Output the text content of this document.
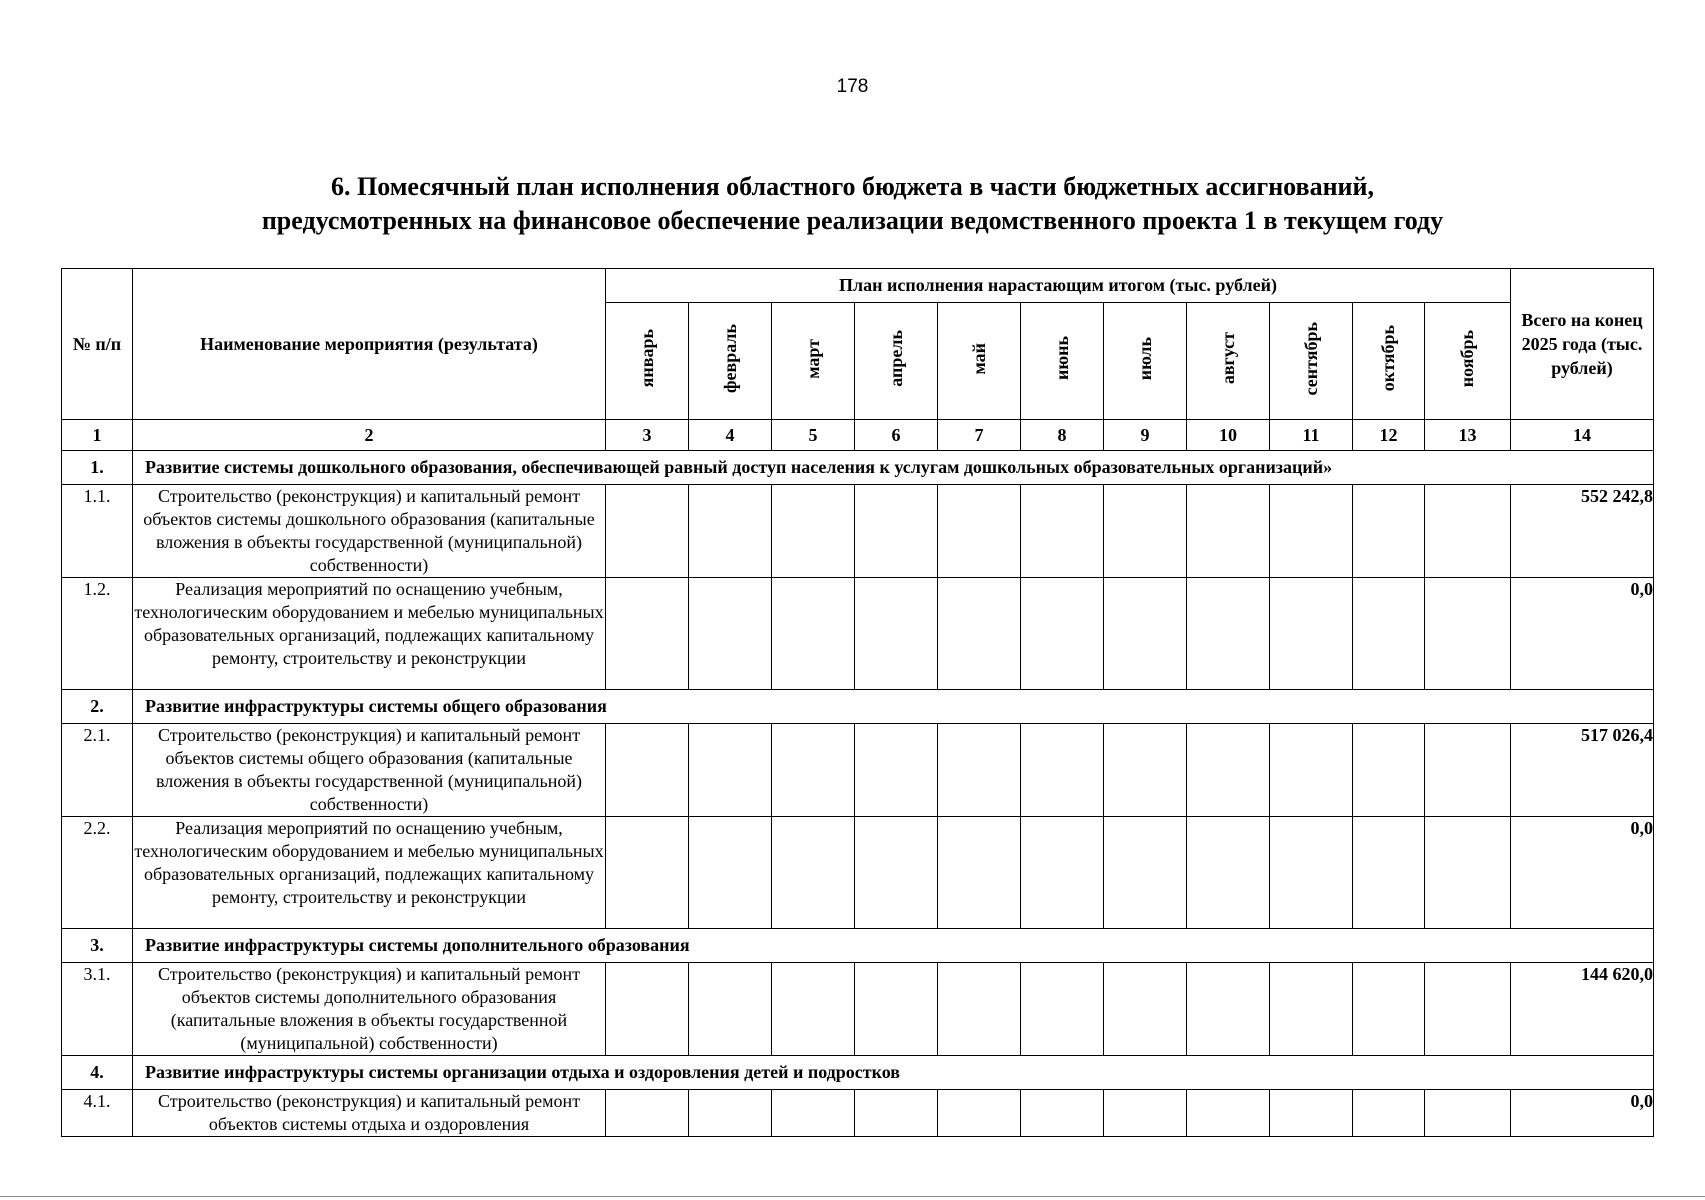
178
6. Помесячный план исполнения областного бюджета в части бюджетных ассигнований,
предусмотренных на финансовое обеспечение реализации ведомственного проекта 1 в текущем году
№ п/п	Наименование мероприятия (результата)	План исполнения нарастающим итогом (тыс. рублей)											Всего на конец 2025 года (тыс. рублей)
		январь	февраль	март	апрель	май	июнь	июль	август	сентябрь	октябрь	ноябрь	
1	2	3	4	5	6	7	8	9	10	11	12	13	14
1.	Развитие системы дошкольного образования, обеспечивающей равный доступ населения к услугам дошкольных образовательных организаций»												
1.1.	Строительство (реконструкция) и капитальный ремонт объектов системы дошкольного образования (капитальные вложения в объекты государственной (муниципальной) собственности)												552 242,8
1.2.	Реализация мероприятий по оснащению учебным, технологическим оборудованием и мебелью муниципальных образовательных организаций, подлежащих капитальному ремонту, строительству и реконструкции												0,0
2.	Развитие инфраструктуры системы общего образования												
2.1.	Строительство (реконструкция) и капитальный ремонт объектов системы общего образования (капитальные вложения в объекты государственной (муниципальной) собственности)												517 026,4
2.2.	Реализация мероприятий по оснащению учебным, технологическим оборудованием и мебелью муниципальных образовательных организаций, подлежащих капитальному ремонту, строительству и реконструкции												0,0
3.	Развитие инфраструктуры системы дополнительного образования												
3.1.	Строительство (реконструкция) и капитальный ремонт объектов системы дополнительного образования (капитальные вложения в объекты государственной (муниципальной) собственности)												144 620,0
4.	Развитие инфраструктуры системы организации отдыха и оздоровления детей и подростков												
4.1.	Строительство (реконструкция) и капитальный ремонт объектов системы отдыха и оздоровления												0,0
